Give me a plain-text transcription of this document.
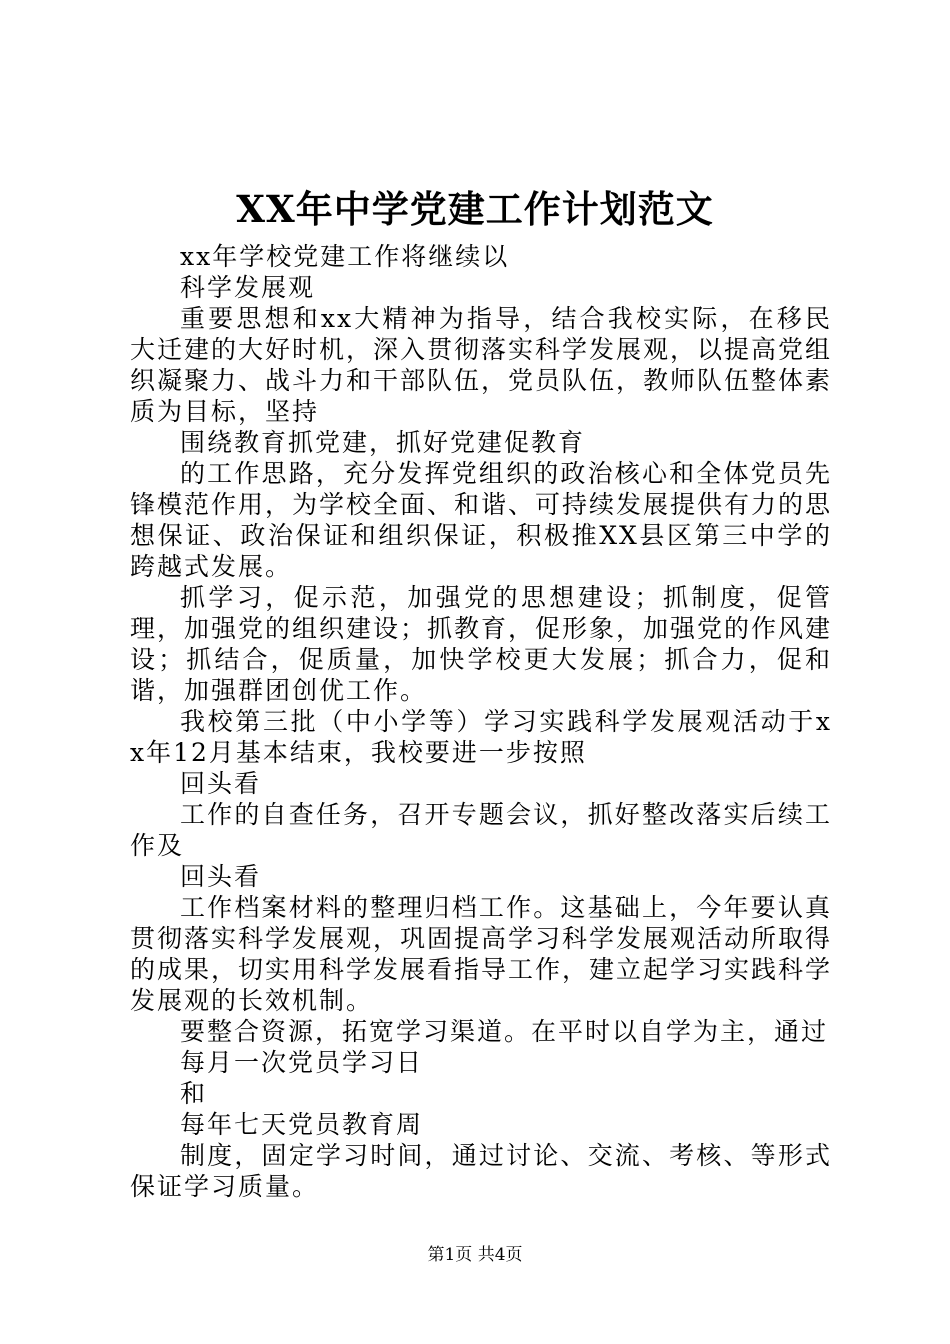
XX年中学党建工作计划范文

xx年学校党建工作将继续以

科学发展观

重要思想和xx大精神为指导，结合我校实际，在移民大迁建的大好时机，深入贯彻落实科学发展观，以提高党组织凝聚力、战斗力和干部队伍，党员队伍，教师队伍整体素质为目标，坚持

围绕教育抓党建，抓好党建促教育

的工作思路，充分发挥党组织的政治核心和全体党员先锋模范作用，为学校全面、和谐、可持续发展提供有力的思想保证、政治保证和组织保证，积极推XX县区第三中学的跨越式发展。

抓学习，促示范，加强党的思想建设；抓制度，促管理，加强党的组织建设；抓教育，促形象，加强党的作风建设；抓结合，促质量，加快学校更大发展；抓合力，促和谐，加强群团创优工作。

我校第三批（中小学等）学习实践科学发展观活动于xx年12月基本结束，我校要进一步按照

回头看

工作的自查任务，召开专题会议，抓好整改落实后续工作及

回头看

工作档案材料的整理归档工作。这基础上，今年要认真贯彻落实科学发展观，巩固提高学习科学发展观活动所取得的成果，切实用科学发展看指导工作，建立起学习实践科学发展观的长效机制。

要整合资源，拓宽学习渠道。在平时以自学为主，通过

每月一次党员学习日

和

每年七天党员教育周

制度，固定学习时间，通过讨论、交流、考核、等形式保证学习质量。

第1页 共4页
